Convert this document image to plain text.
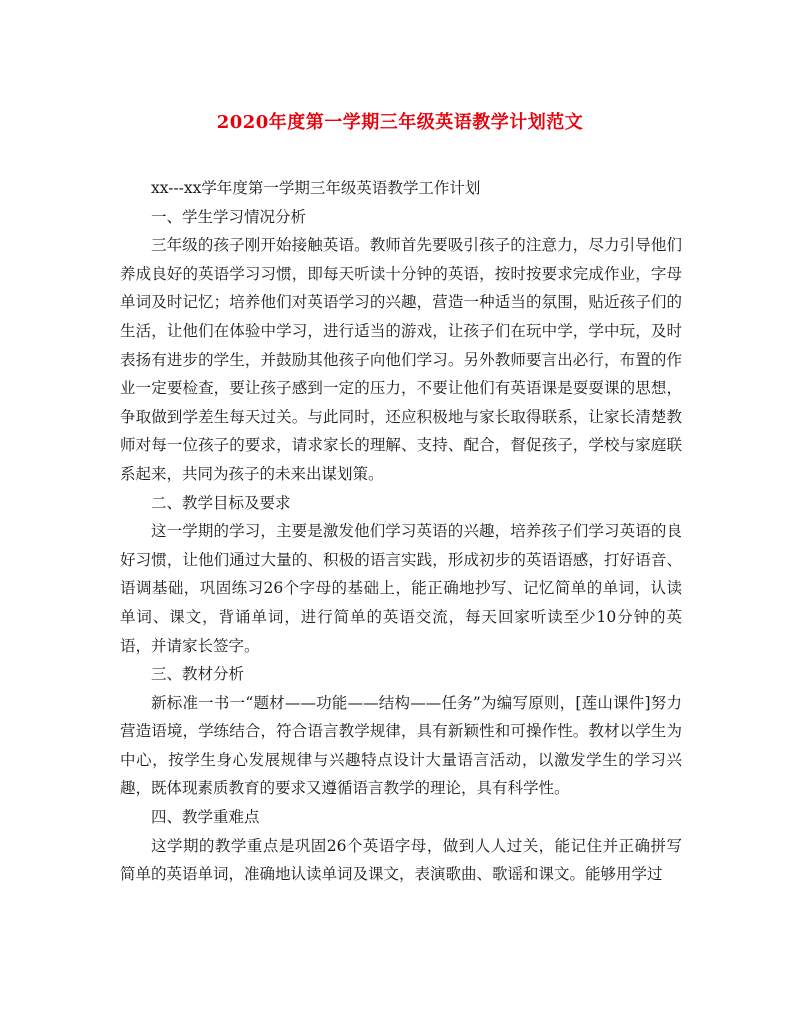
2020年度第一学期三年级英语教学计划范文

xx---xx学年度第一学期三年级英语教学工作计划

一、学生学习情况分析

三年级的孩子刚开始接触英语。教师首先要吸引孩子的注意力，尽力引导他们养成良好的英语学习习惯，即每天听读十分钟的英语，按时按要求完成作业，字母单词及时记忆；培养他们对英语学习的兴趣，营造一种适当的氛围，贴近孩子们的生活，让他们在体验中学习，进行适当的游戏，让孩子们在玩中学，学中玩，及时表扬有进步的学生，并鼓励其他孩子向他们学习。另外教师要言出必行，布置的作业一定要检查，要让孩子感到一定的压力，不要让他们有英语课是耍耍课的思想，争取做到学差生每天过关。与此同时，还应积极地与家长取得联系，让家长清楚教师对每一位孩子的要求，请求家长的理解、支持、配合，督促孩子，学校与家庭联系起来，共同为孩子的未来出谋划策。

二、教学目标及要求

这一学期的学习，主要是激发他们学习英语的兴趣，培养孩子们学习英语的良好习惯，让他们通过大量的、积极的语言实践，形成初步的英语语感，打好语音、语调基础，巩固练习26个字母的基础上，能正确地抄写、记忆简单的单词，认读单词、课文，背诵单词，进行简单的英语交流，每天回家听读至少10分钟的英语，并请家长签字。

三、教材分析

新标准一书一“题材——功能——结构——任务”为编写原则，[莲山课件]努力营造语境，学练结合，符合语言教学规律，具有新颖性和可操作性。教材以学生为中心，按学生身心发展规律与兴趣特点设计大量语言活动，以激发学生的学习兴趣，既体现素质教育的要求又遵循语言教学的理论，具有科学性。

四、教学重难点

这学期的教学重点是巩固26个英语字母，做到人人过关，能记住并正确拼写简单的英语单词，准确地认读单词及课文，表演歌曲、歌谣和课文。能够用学过
